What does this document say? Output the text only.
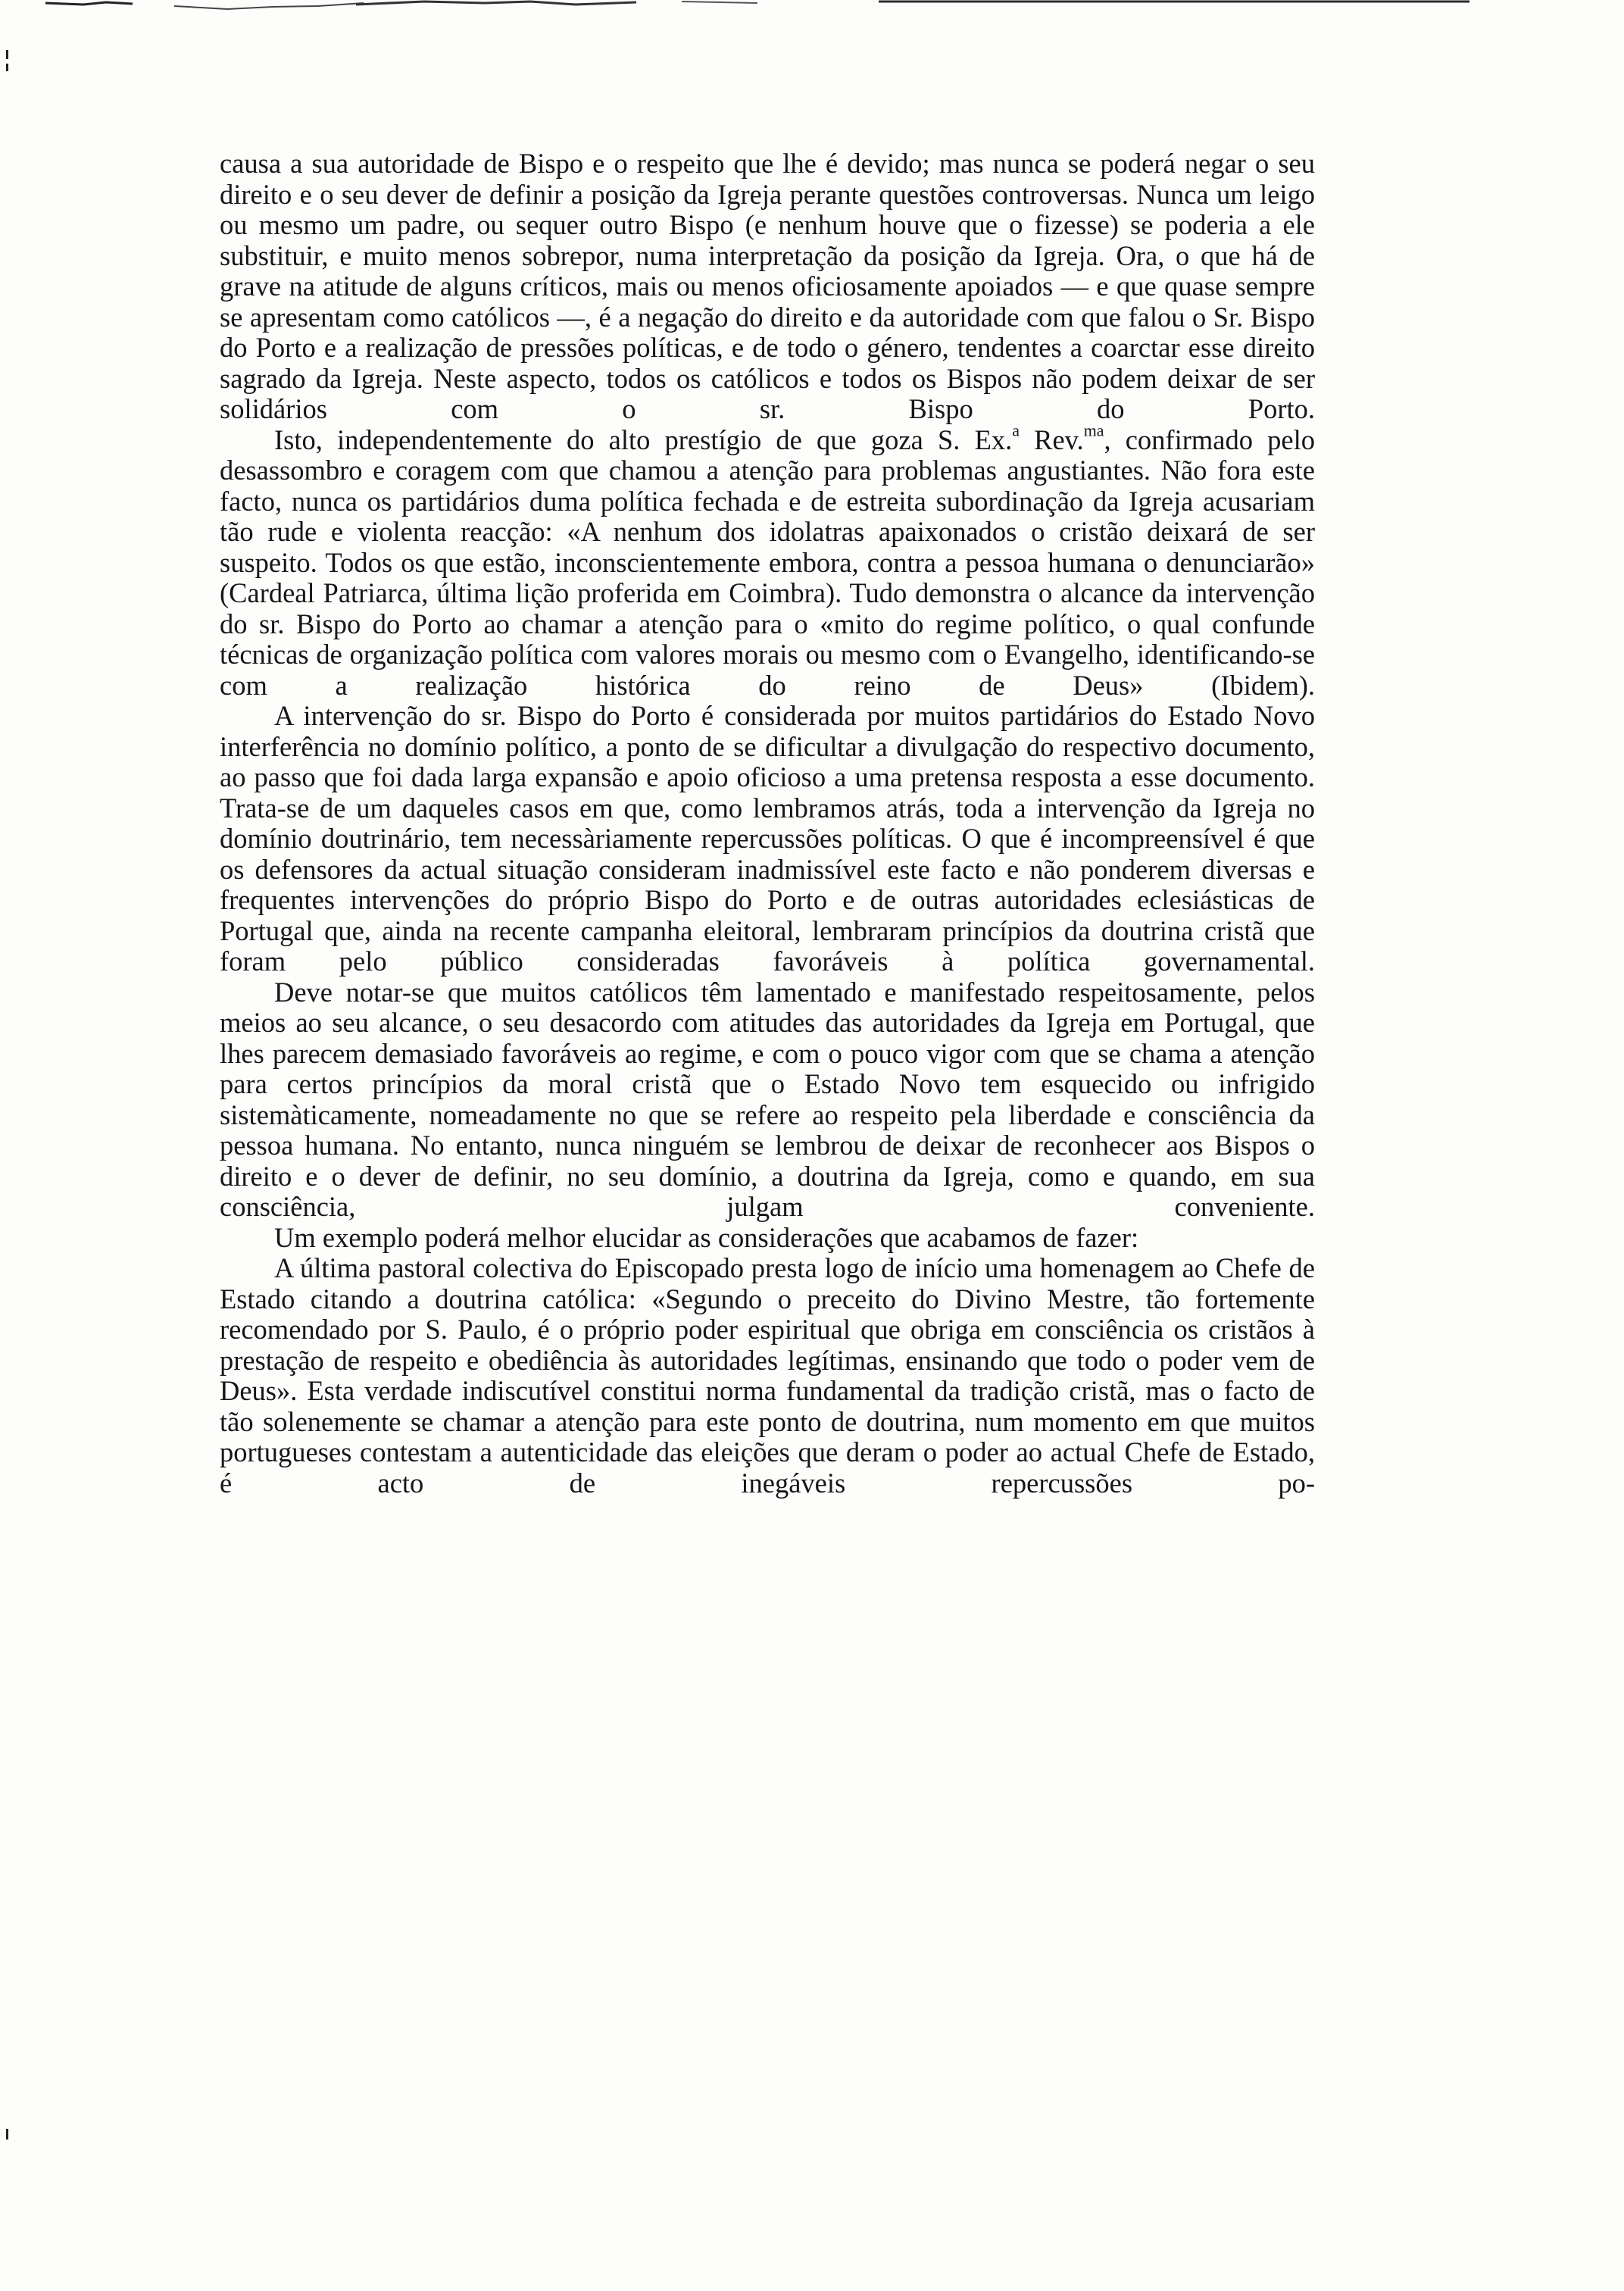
causa a sua autoridade de Bispo e o respeito que lhe é devido; mas nunca se poderá negar o seu direito e o seu dever de definir a posição da Igreja perante questões controversas. Nunca um leigo ou mesmo um padre, ou sequer outro Bispo (e nenhum houve que o fizesse) se poderia a ele substituir, e muito menos sobrepor, numa interpretação da posição da Igreja. Ora, o que há de grave na atitude de alguns críticos, mais ou menos oficiosamente apoiados — e que quase sempre se apresentam como católicos —, é a negação do direito e da autoridade com que falou o Sr. Bispo do Porto e a realização de pressões políticas, e de todo o género, tendentes a coarctar esse direito sagrado da Igreja. Neste aspecto, todos os católicos e todos os Bispos não podem deixar de ser solidários com o sr. Bispo do Porto.

Isto, independentemente do alto prestígio de que goza S. Ex.$^a$ Rev.$^{ma}$, confirmado pelo desassombro e coragem com que chamou a atenção para problemas angustiantes. Não fora este facto, nunca os partidários duma política fechada e de estreita subordinação da Igreja acusariam tão rude e violenta reacção: «A nenhum dos idolatras apaixonados o cristão deixará de ser suspeito. Todos os que estão, inconscientemente embora, contra a pessoa humana o denunciarão» (Cardeal Patriarca, última lição proferida em Coimbra). Tudo demonstra o alcance da intervenção do sr. Bispo do Porto ao chamar a atenção para o «mito do regime político, o qual confunde técnicas de organização política com valores morais ou mesmo com o Evangelho, identificando-se com a realização histórica do reino de Deus» (Ibidem).

A intervenção do sr. Bispo do Porto é considerada por muitos partidários do Estado Novo interferência no domínio político, a ponto de se dificultar a divulgação do respectivo documento, ao passo que foi dada larga expansão e apoio oficioso a uma pretensa resposta a esse documento. Trata-se de um daqueles casos em que, como lembramos atrás, toda a intervenção da Igreja no domínio doutrinário, tem necessàriamente repercussões políticas. O que é incompreensível é que os defensores da actual situação consideram inadmissível este facto e não ponderem diversas e frequentes intervenções do próprio Bispo do Porto e de outras autoridades eclesiásticas de Portugal que, ainda na recente campanha eleitoral, lembraram princípios da doutrina cristã que foram pelo público consideradas favoráveis à política governamental.

Deve notar-se que muitos católicos têm lamentado e manifestado respeitosamente, pelos meios ao seu alcance, o seu desacordo com atitudes das autoridades da Igreja em Portugal, que lhes parecem demasiado favoráveis ao regime, e com o pouco vigor com que se chama a atenção para certos princípios da moral cristã que o Estado Novo tem esquecido ou infrigido sistemàticamente, nomeadamente no que se refere ao respeito pela liberdade e consciência da pessoa humana. No entanto, nunca ninguém se lembrou de deixar de reconhecer aos Bispos o direito e o dever de definir, no seu domínio, a doutrina da Igreja, como e quando, em sua consciência, julgam conveniente.

Um exemplo poderá melhor elucidar as considerações que acabamos de fazer:

A última pastoral colectiva do Episcopado presta logo de início uma homenagem ao Chefe de Estado citando a doutrina católica: «Segundo o preceito do Divino Mestre, tão fortemente recomendado por S. Paulo, é o próprio poder espiritual que obriga em consciência os cristãos à prestação de respeito e obediência às autoridades legítimas, ensinando que todo o poder vem de Deus». Esta verdade indiscutível constitui norma fundamental da tradição cristã, mas o facto de tão solenemente se chamar a atenção para este ponto de doutrina, num momento em que muitos portugueses contestam a autenticidade das eleições que deram o poder ao actual Chefe de Estado, é acto de inegáveis repercussões po-
